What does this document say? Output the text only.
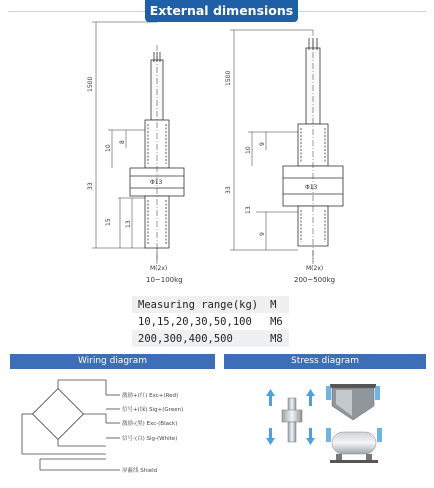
External dimensions
1500
10
8
33
13
15
Φ13
M(2x)
1500
10
9
33
13
9
Φ13
M(2x)
10~100kg	200~500kg
Measuring range(kg)	M
10,15,20,30,50,100	M6
200,300,400,500	M8
Wiring diagram	Stress diagram
激励+(红) Exc+(Red)
信号+(绿) Sig+(Green)
激励-(黑) Exc-(Black)
信号-(白) Sig-(White)
屏蔽线 Shield
